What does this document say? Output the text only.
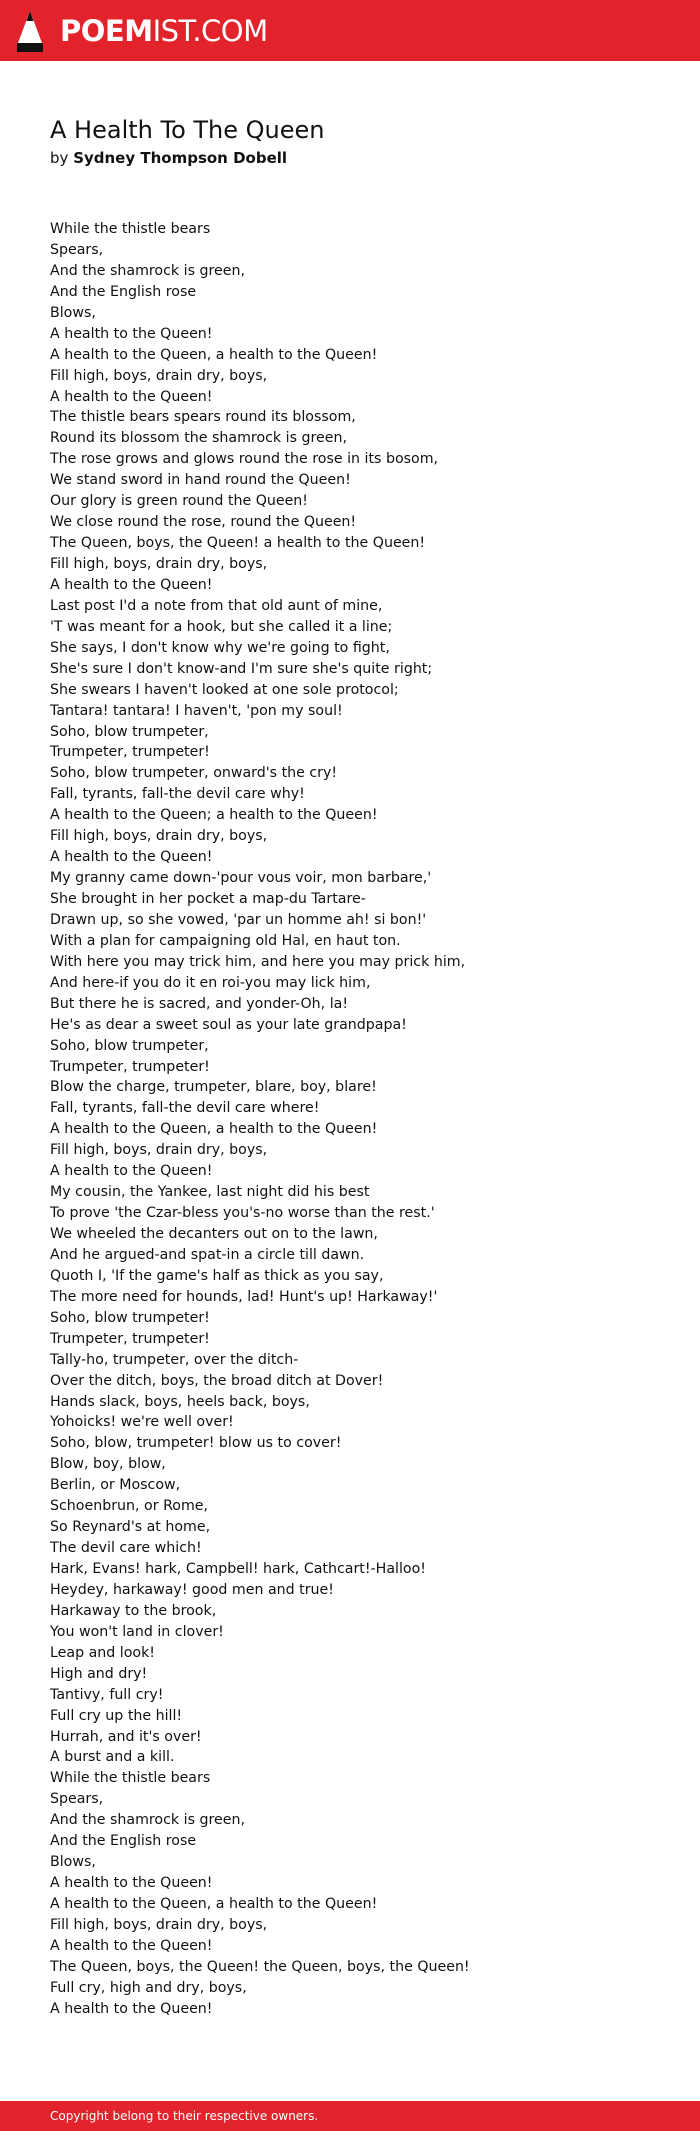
POEMIST.COM
A Health To The Queen
by Sydney Thompson Dobell
While the thistle bears
Spears,
And the shamrock is green,
And the English rose
Blows,
A health to the Queen!
A health to the Queen, a health to the Queen!
Fill high, boys, drain dry, boys,
A health to the Queen!
The thistle bears spears round its blossom,
Round its blossom the shamrock is green,
The rose grows and glows round the rose in its bosom,
We stand sword in hand round the Queen!
Our glory is green round the Queen!
We close round the rose, round the Queen!
The Queen, boys, the Queen! a health to the Queen!
Fill high, boys, drain dry, boys,
A health to the Queen!
Last post I'd a note from that old aunt of mine,
'T was meant for a hook, but she called it a line;
She says, I don't know why we're going to fight,
She's sure I don't know-and I'm sure she's quite right;
She swears I haven't looked at one sole protocol;
Tantara! tantara! I haven't, 'pon my soul!
Soho, blow trumpeter,
Trumpeter, trumpeter!
Soho, blow trumpeter, onward's the cry!
Fall, tyrants, fall-the devil care why!
A health to the Queen; a health to the Queen!
Fill high, boys, drain dry, boys,
A health to the Queen!
My granny came down-'pour vous voir, mon barbare,'
She brought in her pocket a map-du Tartare-
Drawn up, so she vowed, 'par un homme ah! si bon!'
With a plan for campaigning old Hal, en haut ton.
With here you may trick him, and here you may prick him,
And here-if you do it en roi-you may lick him,
But there he is sacred, and yonder-Oh, la!
He's as dear a sweet soul as your late grandpapa!
Soho, blow trumpeter,
Trumpeter, trumpeter!
Blow the charge, trumpeter, blare, boy, blare!
Fall, tyrants, fall-the devil care where!
A health to the Queen, a health to the Queen!
Fill high, boys, drain dry, boys,
A health to the Queen!
My cousin, the Yankee, last night did his best
To prove 'the Czar-bless you's-no worse than the rest.'
We wheeled the decanters out on to the lawn,
And he argued-and spat-in a circle till dawn.
Quoth I, 'If the game's half as thick as you say,
The more need for hounds, lad! Hunt's up! Harkaway!'
Soho, blow trumpeter!
Trumpeter, trumpeter!
Tally-ho, trumpeter, over the ditch-
Over the ditch, boys, the broad ditch at Dover!
Hands slack, boys, heels back, boys,
Yohoicks! we're well over!
Soho, blow, trumpeter! blow us to cover!
Blow, boy, blow,
Berlin, or Moscow,
Schoenbrun, or Rome,
So Reynard's at home,
The devil care which!
Hark, Evans! hark, Campbell! hark, Cathcart!-Halloo!
Heydey, harkaway! good men and true!
Harkaway to the brook,
You won't land in clover!
Leap and look!
High and dry!
Tantivy, full cry!
Full cry up the hill!
Hurrah, and it's over!
A burst and a kill.
While the thistle bears
Spears,
And the shamrock is green,
And the English rose
Blows,
A health to the Queen!
A health to the Queen, a health to the Queen!
Fill high, boys, drain dry, boys,
A health to the Queen!
The Queen, boys, the Queen! the Queen, boys, the Queen!
Full cry, high and dry, boys,
A health to the Queen!
Copyright belong to their respective owners.
